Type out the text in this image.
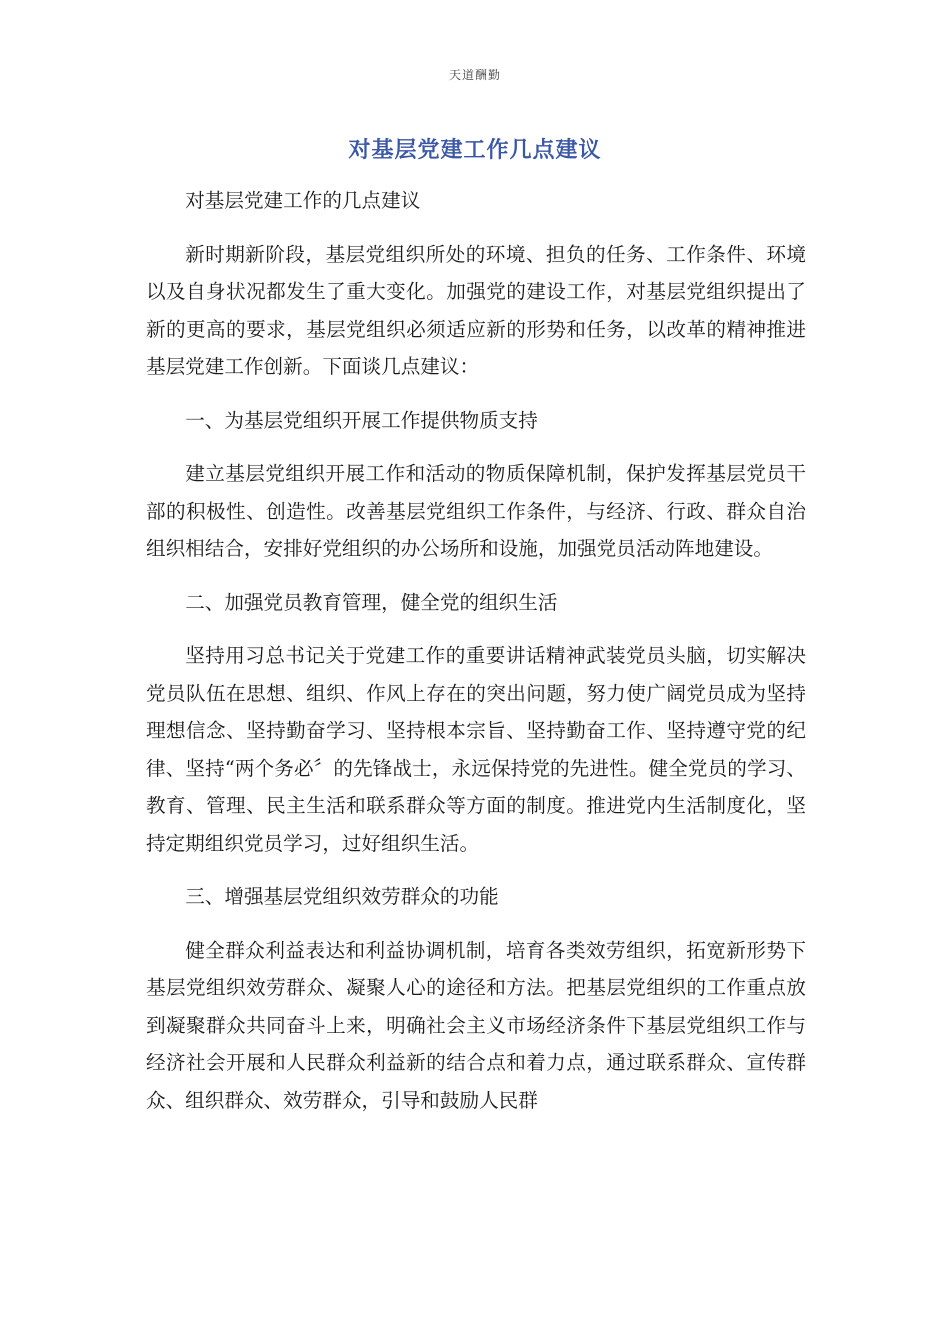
天道酬勤
对基层党建工作几点建议

对基层党建工作的几点建议

新时期新阶段，基层党组织所处的环境、担负的任务、工作条件、环境以及自身状况都发生了重大变化。加强党的建设工作，对基层党组织提出了新的更高的要求，基层党组织必须适应新的形势和任务，以改革的精神推进基层党建工作创新。下面谈几点建议：

一、为基层党组织开展工作提供物质支持

建立基层党组织开展工作和活动的物质保障机制，保护发挥基层党员干部的积极性、创造性。改善基层党组织工作条件，与经济、行政、群众自治组织相结合，安排好党组织的办公场所和设施，加强党员活动阵地建设。

二、加强党员教育管理，健全党的组织生活

坚持用习总书记关于党建工作的重要讲话精神武装党员头脑，切实解决党员队伍在思想、组织、作风上存在的突出问题，努力使广阔党员成为坚持理想信念、坚持勤奋学习、坚持根本宗旨、坚持勤奋工作、坚持遵守党的纪律、坚持“两个务必〞的先锋战士，永远保持党的先进性。健全党员的学习、教育、管理、民主生活和联系群众等方面的制度。推进党内生活制度化，坚持定期组织党员学习，过好组织生活。

三、增强基层党组织效劳群众的功能

健全群众利益表达和利益协调机制，培育各类效劳组织，拓宽新形势下基层党组织效劳群众、凝聚人心的途径和方法。把基层党组织的工作重点放到凝聚群众共同奋斗上来，明确社会主义市场经济条件下基层党组织工作与经济社会开展和人民群众利益新的结合点和着力点，通过联系群众、宣传群众、组织群众、效劳群众，引导和鼓励人民群
